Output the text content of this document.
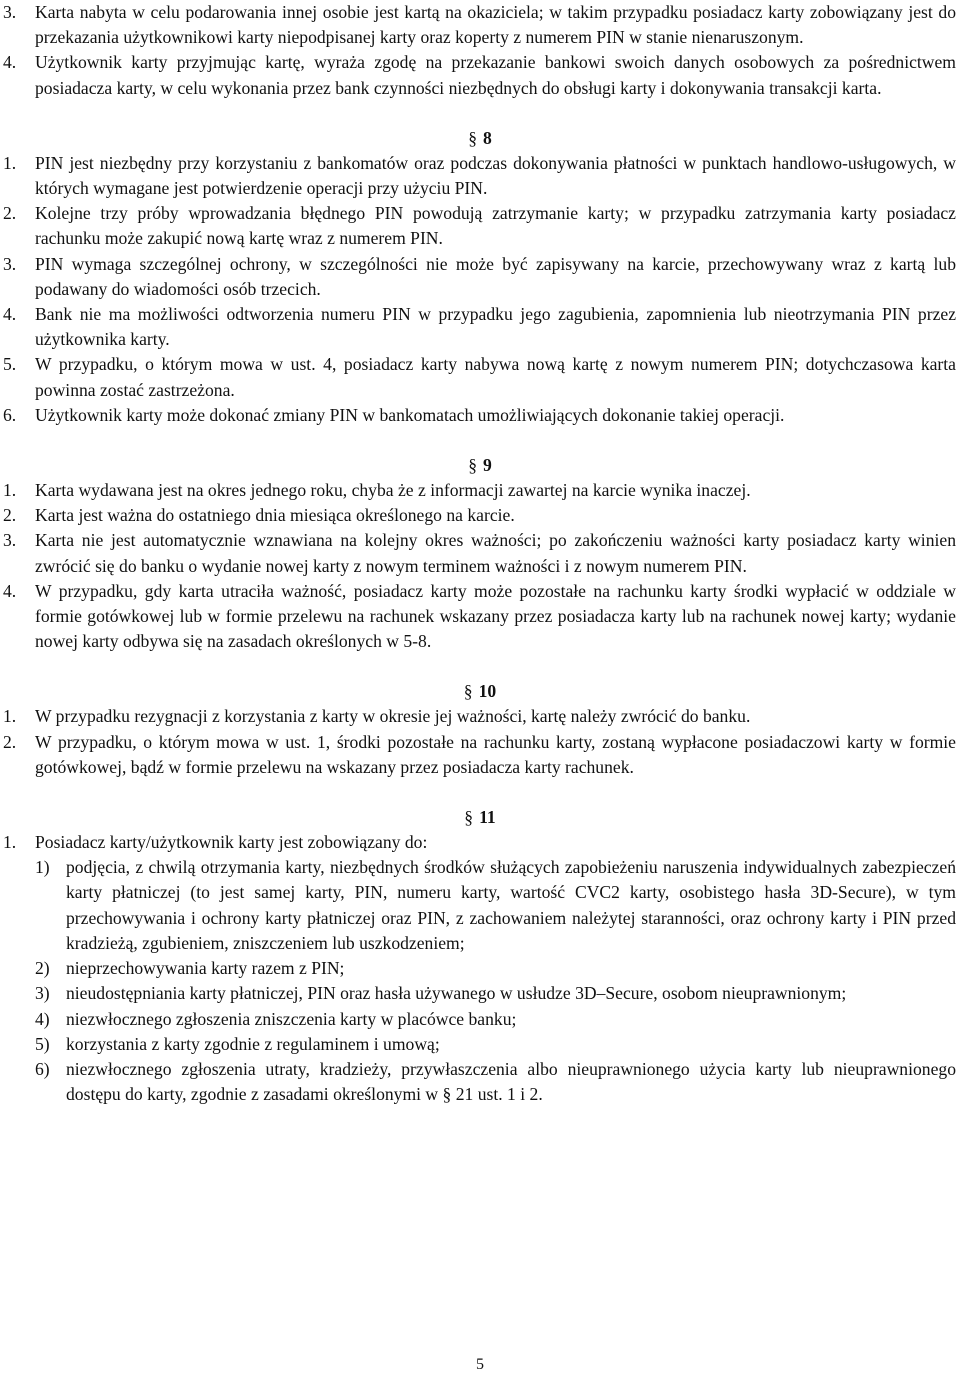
3. Karta nabyta w celu podarowania innej osobie jest kartą na okaziciela; w takim przypadku posiadacz karty zobowiązany jest do przekazania użytkownikowi karty niepodpisanej karty oraz koperty z numerem PIN w stanie nienaruszonym.
4. Użytkownik karty przyjmując kartę, wyraża zgodę na przekazanie bankowi swoich danych osobowych za pośrednictwem posiadacza karty, w celu wykonania przez bank czynności niezbędnych do obsługi karty i dokonywania transakcji karta.
§ 8
1. PIN jest niezbędny przy korzystaniu z bankomatów oraz podczas dokonywania płatności w punktach handlowo-usługowych, w których wymagane jest potwierdzenie operacji przy użyciu PIN.
2. Kolejne trzy próby wprowadzania błędnego PIN powodują zatrzymanie karty; w przypadku zatrzymania karty posiadacz rachunku może zakupić nową kartę wraz z numerem PIN.
3. PIN wymaga szczególnej ochrony, w szczególności nie może być zapisywany na karcie, przechowywany wraz z kartą lub podawany do wiadomości osób trzecich.
4. Bank nie ma możliwości odtworzenia numeru PIN w przypadku jego zagubienia, zapomnienia lub nieotrzymania PIN przez użytkownika karty.
5. W przypadku, o którym mowa w ust. 4, posiadacz karty nabywa nową kartę z nowym numerem PIN; dotychczasowa karta powinna zostać zastrzeżona.
6. Użytkownik karty może dokonać zmiany PIN w bankomatach umożliwiających dokonanie takiej operacji.
§ 9
1. Karta wydawana jest na okres jednego roku, chyba że z informacji zawartej na karcie wynika inaczej.
2. Karta jest ważna do ostatniego dnia miesiąca określonego na karcie.
3. Karta nie jest automatycznie wznawiana na kolejny okres ważności; po zakończeniu ważności karty posiadacz karty winien zwrócić się do banku o wydanie nowej karty z nowym terminem ważności i z nowym numerem PIN.
4. W przypadku, gdy karta utraciła ważność, posiadacz karty może pozostałe na rachunku karty środki wypłacić w oddziale w formie gotówkowej lub w formie przelewu na rachunek wskazany przez posiadacza karty lub na rachunek nowej karty; wydanie nowej karty odbywa się na zasadach określonych w 5-8.
§ 10
1. W przypadku rezygnacji z korzystania z karty w okresie jej ważności, kartę należy zwrócić do banku.
2. W przypadku, o którym mowa w ust. 1, środki pozostałe na rachunku karty, zostaną wypłacone posiadaczowi karty w formie gotówkowej, bądź w formie przelewu na wskazany przez posiadacza karty rachunek.
§ 11
1. Posiadacz karty/użytkownik karty jest zobowiązany do:
1) podjęcia, z chwilą otrzymania karty, niezbędnych środków służących zapobieżeniu naruszenia indywidualnych zabezpieczeń karty płatniczej (to jest samej karty, PIN, numeru karty, wartość CVC2 karty, osobistego hasła 3D-Secure), w tym przechowywania i ochrony karty płatniczej oraz PIN, z zachowaniem należytej staranności, oraz ochrony karty i PIN przed kradzieżą, zgubieniem, zniszczeniem lub uszkodzeniem;
2) nieprzechowywania karty razem z PIN;
3) nieudostępniania karty płatniczej, PIN oraz hasła używanego w usłudze 3D–Secure, osobom nieuprawnionym;
4) niezwłocznego zgłoszenia zniszczenia karty w placówce banku;
5) korzystania z karty zgodnie z regulaminem i umową;
6) niezwłocznego zgłoszenia utraty, kradzieży, przywłaszczenia albo nieuprawnionego użycia karty lub nieuprawnionego dostępu do karty, zgodnie z zasadami określonymi w § 21 ust. 1 i 2.
5
